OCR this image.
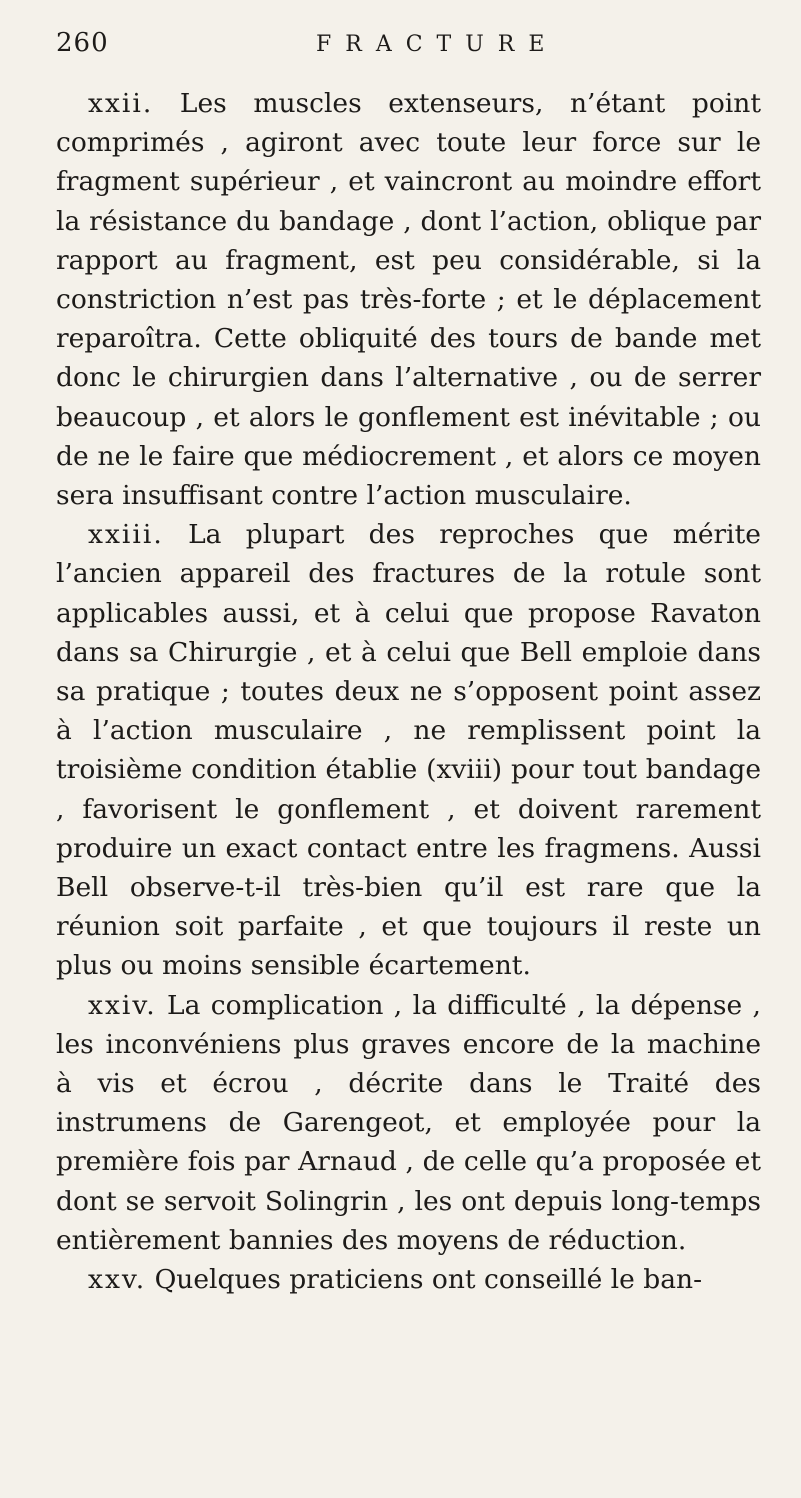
260	FRACTURE

xxii. Les muscles extenseurs, n’étant point comprimés , agiront avec toute leur force sur le fragment supérieur , et vaincront au moindre effort la résistance du bandage , dont l’action, oblique par rapport au fragment, est peu considérable, si la constriction n’est pas très-forte ; et le déplacement reparoîtra. Cette obliquité des tours de bande met donc le chirurgien dans l’alternative , ou de serrer beaucoup , et alors le gonflement est inévitable ; ou de ne le faire que médiocrement , et alors ce moyen sera insuffisant contre l’action musculaire.

xxiii. La plupart des reproches que mérite l’ancien appareil des fractures de la rotule sont applicables aussi, et à celui que propose Ravaton dans sa Chirurgie , et à celui que Bell emploie dans sa pratique ; toutes deux ne s’opposent point assez à l’action musculaire , ne remplissent point la troisième condition établie (xviii) pour tout bandage , favorisent le gonflement , et doivent rarement produire un exact contact entre les fragmens. Aussi Bell observe-t-il très-bien qu’il est rare que la réunion soit parfaite , et que toujours il reste un plus ou moins sensible écartement.

xxiv. La complication , la difficulté , la dépense , les inconvéniens plus graves encore de la machine à vis et écrou , décrite dans le Traité des instrumens de Garengeot, et employée pour la première fois par Arnaud , de celle qu’a proposée et dont se servoit Solingrin , les ont depuis long-temps entièrement bannies des moyens de réduction.

xxv. Quelques praticiens ont conseillé le ban-
